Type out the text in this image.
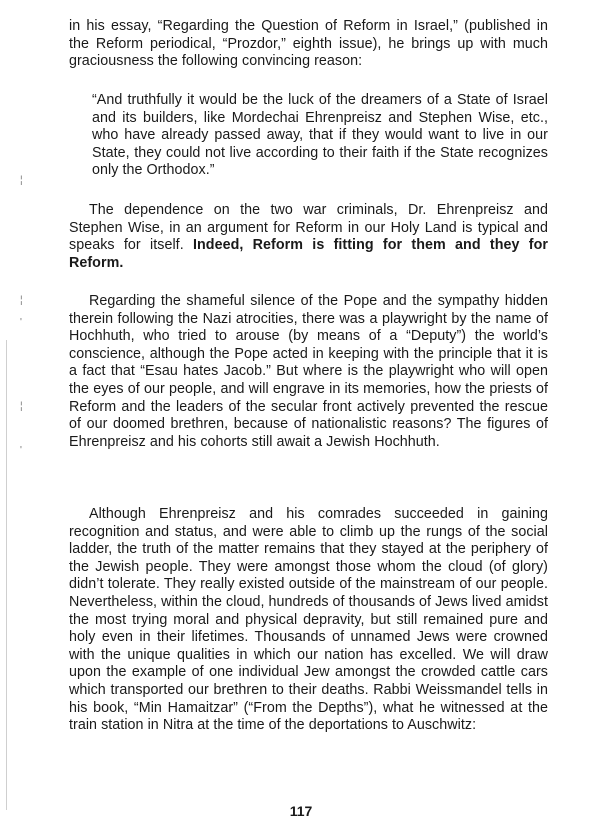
¦
¦
'
¦
'

in his essay, “Regarding the Question of Reform in Israel,” (published in the Reform periodical, “Prozdor,” eighth issue), he brings up with much graciousness the following convincing reason:

“And truthfully it would be the luck of the dreamers of a State of Israel and its builders, like Mordechai Ehrenpreisz and Stephen Wise, etc., who have already passed away, that if they would want to live in our State, they could not live according to their faith if the State recognizes only the Orthodox.”

The dependence on the two war criminals, Dr. Ehrenpreisz and Stephen Wise, in an argument for Reform in our Holy Land is typical and speaks for itself. Indeed, Reform is fitting for them and they for Reform.

Regarding the shameful silence of the Pope and the sympathy hidden therein following the Nazi atrocities, there was a playwright by the name of Hochhuth, who tried to arouse (by means of a “Deputy”) the world’s conscience, although the Pope acted in keeping with the principle that it is a fact that “Esau hates Jacob.” But where is the playwright who will open the eyes of our people, and will engrave in its memories, how the priests of Reform and the leaders of the secular front actively prevented the rescue of our doomed brethren, because of nationalistic reasons? The figures of Ehrenpreisz and his cohorts still await a Jewish Hochhuth.

Although Ehrenpreisz and his comrades succeeded in gaining recognition and status, and were able to climb up the rungs of the social ladder, the truth of the matter remains that they stayed at the periphery of the Jewish people. They were amongst those whom the cloud (of glory) didn’t tolerate. They really existed outside of the mainstream of our people. Nevertheless, within the cloud, hundreds of thousands of Jews lived amidst the most trying moral and physical depravity, but still remained pure and holy even in their lifetimes. Thousands of unnamed Jews were crowned with the unique qualities in which our nation has excelled. We will draw upon the example of one individual Jew amongst the crowded cattle cars which transported our brethren to their deaths. Rabbi Weissmandel tells in his book, “Min Hamaitzar” (“From the Depths”), what he witnessed at the train station in Nitra at the time of the deportations to Auschwitz:

117
